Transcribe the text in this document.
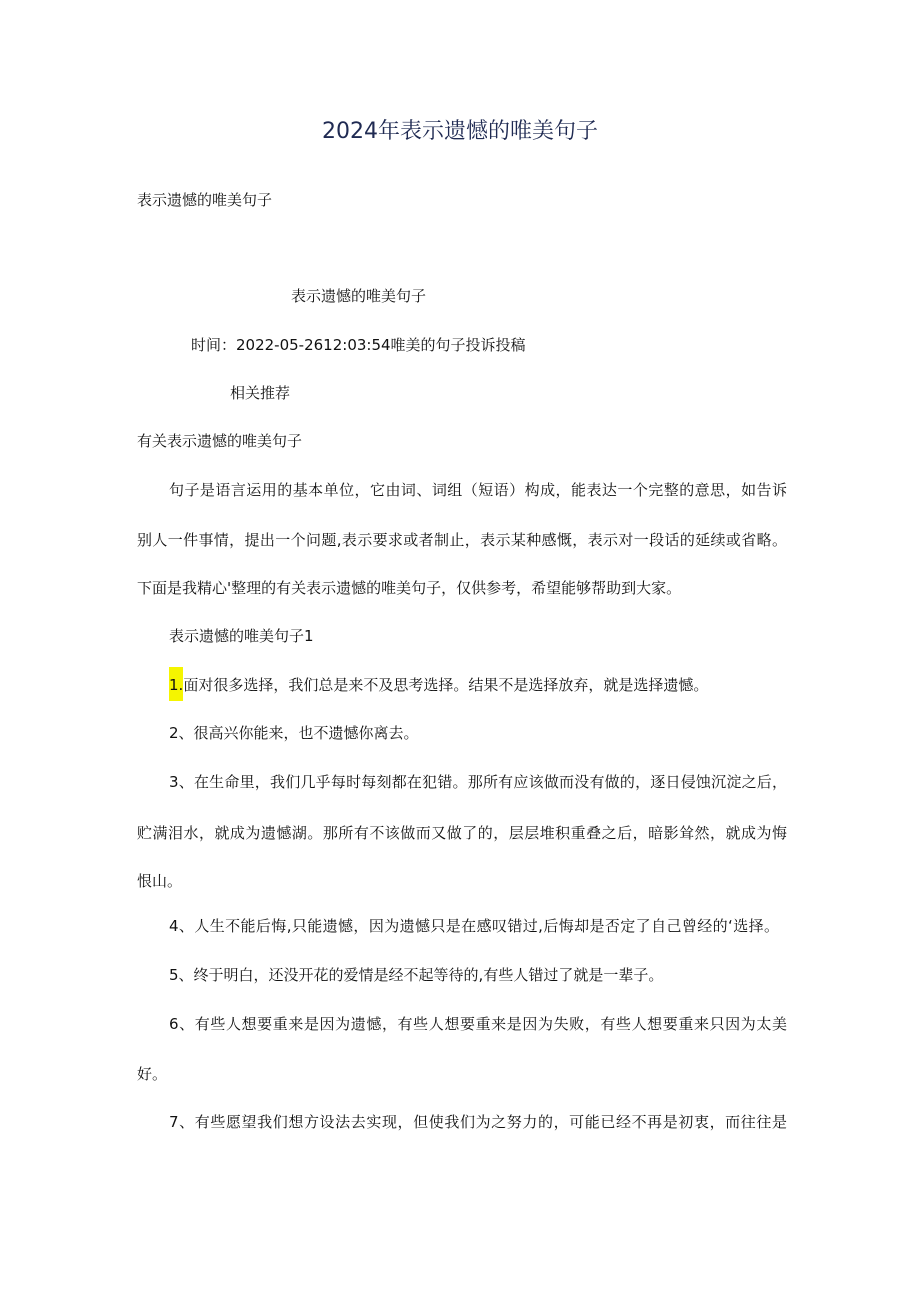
2024年表示遗憾的唯美句子
表示遗憾的唯美句子
表示遗憾的唯美句子
时间：2022-05-2612:03:54唯美的句子投诉投稿
相关推荐
有关表示遗憾的唯美句子
句子是语言运用的基本单位，它由词、词组（短语）构成，能表达一个完整的意思，如告诉
别人一件事情，提出一个问题,表示要求或者制止，表示某种感慨，表示对一段话的延续或省略。
下面是我精心'整理的有关表示遗憾的唯美句子，仅供参考，希望能够帮助到大家。
表示遗憾的唯美句子1
1.面对很多选择，我们总是来不及思考选择。结果不是选择放弃，就是选择遗憾。
2、很高兴你能来，也不遗憾你离去。
3、在生命里，我们几乎每时每刻都在犯错。那所有应该做而没有做的，逐日侵蚀沉淀之后，
贮满泪水，就成为遗憾湖。那所有不该做而又做了的，层层堆积重叠之后，暗影耸然，就成为悔
恨山。
4、人生不能后悔,只能遗憾，因为遗憾只是在感叹错过,后悔却是否定了自己曾经的‘选择。
5、终于明白，还没开花的爱情是经不起等待的,有些人错过了就是一辈子。
6、有些人想要重来是因为遗憾，有些人想要重来是因为失败，有些人想要重来只因为太美
好。
7、有些愿望我们想方设法去实现，但使我们为之努力的，可能已经不再是初衷，而往往是
